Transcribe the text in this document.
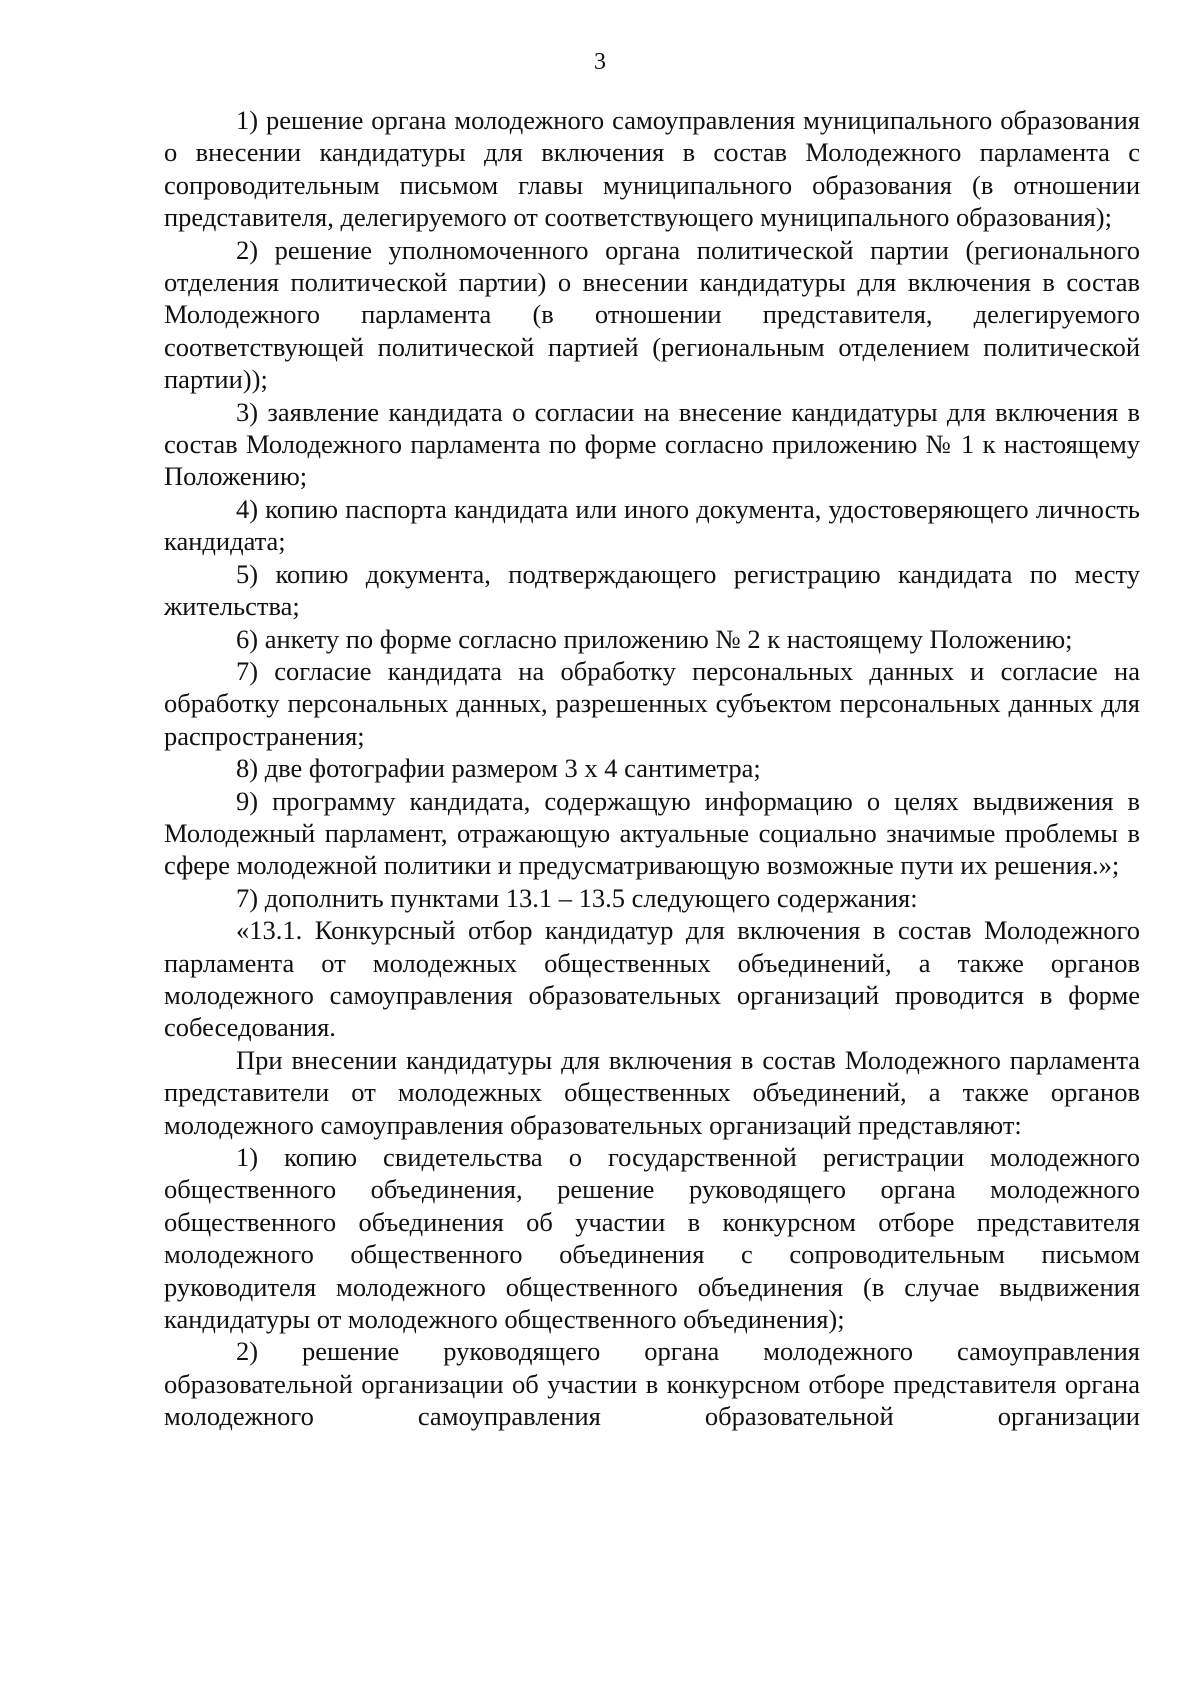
3

1) решение органа молодежного самоуправления муниципального образования о внесении кандидатуры для включения в состав Молодежного парламента с сопроводительным письмом главы муниципального образования (в отношении представителя, делегируемого от соответствующего муниципального образования);

2) решение уполномоченного органа политической партии (регионального отделения политической партии) о внесении кандидатуры для включения в состав Молодежного парламента (в отношении представителя, делегируемого соответствующей политической партией (региональным отделением политической партии));

3) заявление кандидата о согласии на внесение кандидатуры для включения в состав Молодежного парламента по форме согласно приложению № 1 к настоящему Положению;

4) копию паспорта кандидата или иного документа, удостоверяющего личность кандидата;

5) копию документа, подтверждающего регистрацию кандидата по месту жительства;

6) анкету по форме согласно приложению № 2 к настоящему Положению;

7) согласие кандидата на обработку персональных данных и согласие на обработку персональных данных, разрешенных субъектом персональных данных для распространения;

8) две фотографии размером 3 х 4 сантиметра;

9) программу кандидата, содержащую информацию о целях выдвижения в Молодежный парламент, отражающую актуальные социально значимые проблемы в сфере молодежной политики и предусматривающую возможные пути их решения.»;

7) дополнить пунктами 13.1 – 13.5 следующего содержания:

«13.1. Конкурсный отбор кандидатур для включения в состав Молодежного парламента от молодежных общественных объединений, а также органов молодежного самоуправления образовательных организаций проводится в форме собеседования.

При внесении кандидатуры для включения в состав Молодежного парламента представители от молодежных общественных объединений, а также органов молодежного самоуправления образовательных организаций представляют:

1) копию свидетельства о государственной регистрации молодежного общественного объединения, решение руководящего органа молодежного общественного объединения об участии в конкурсном отборе представителя молодежного общественного объединения с сопроводительным письмом руководителя молодежного общественного объединения (в случае выдвижения кандидатуры от молодежного общественного объединения);

2) решение руководящего органа молодежного самоуправления образовательной организации об участии в конкурсном отборе представителя органа молодежного самоуправления образовательной организации
